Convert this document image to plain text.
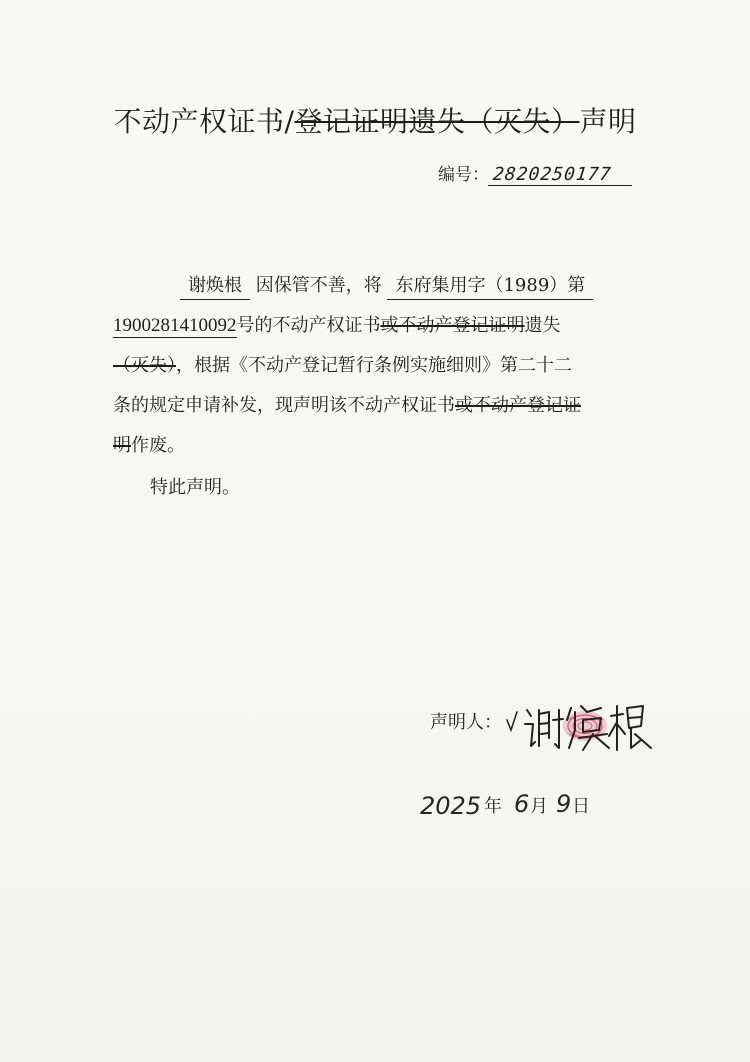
不动产权证书/登记证明遗失（灭失）声明
编号： 2820250177
谢焕根 因保管不善，将 东府集用字（1989）第
1900281410092号的不动产权证书或不动产登记证明遗失
（灭失），根据《不动产登记暂行条例实施细则》第二十二
条的规定申请补发，现声明该不动产权证书或不动产登记证
明作废。
特此声明。
声明人：
2025 年 6 月 9 日
